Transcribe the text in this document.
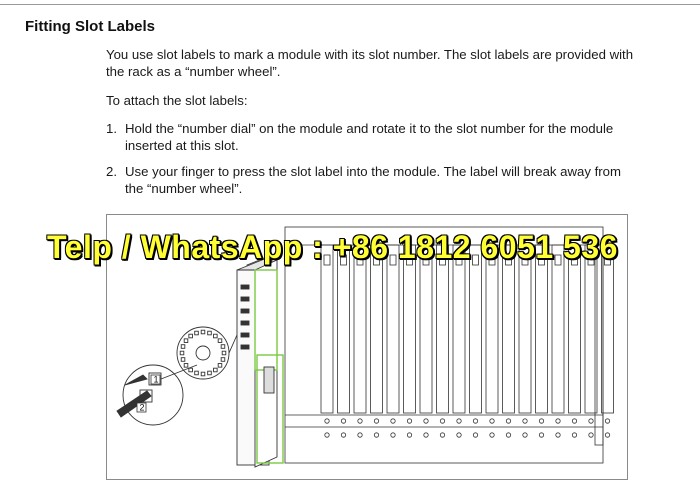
Fitting Slot Labels

You use slot labels to mark a module with its slot number. The slot labels are provided with the rack as a “number wheel”.

To attach the slot labels:

1. Hold the “number dial” on the module and rotate it to the slot number for the module inserted at this slot.
2. Use your finger to press the slot label into the module. The label will break away from the “number wheel”.
1
2
Telp / WhatsApp : +86 1812 6051 536
